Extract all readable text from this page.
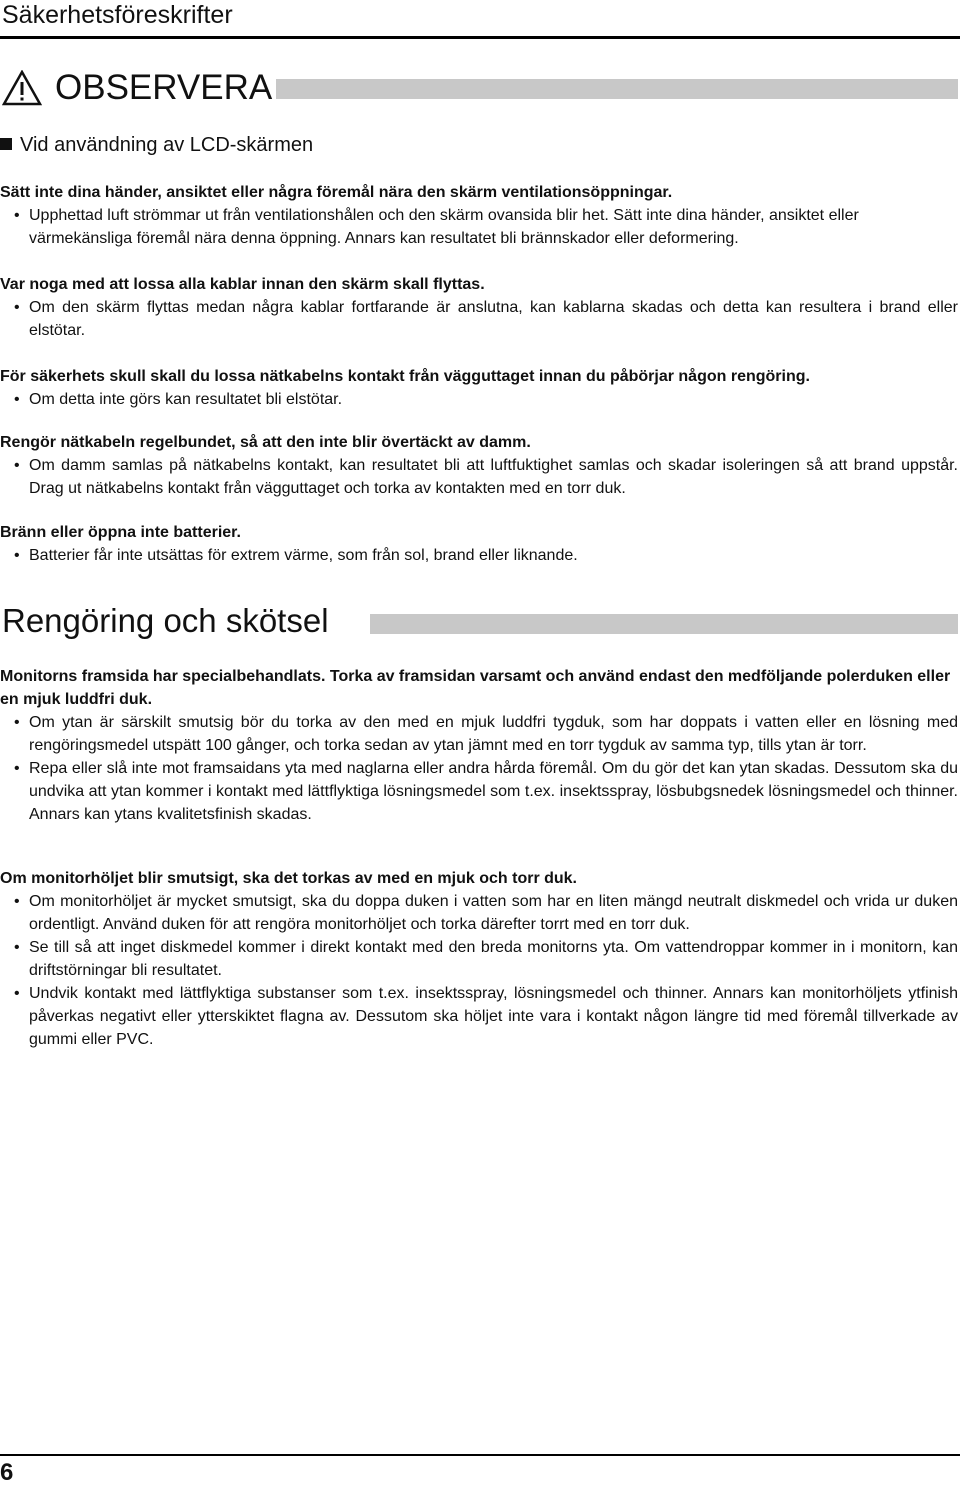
Säkerhetsföreskrifter
OBSERVERA
Vid användning av LCD-skärmen
Sätt inte dina händer, ansiktet eller några föremål nära den skärm ventilationsöppningar.
• Upphettad luft strömmar ut från ventilationshålen och den skärm ovansida blir het. Sätt inte dina händer, ansiktet eller värmekänsliga föremål nära denna öppning. Annars kan resultatet bli brännskador eller deformering.
Var noga med att lossa alla kablar innan den skärm skall flyttas.
• Om den skärm flyttas medan några kablar fortfarande är anslutna, kan kablarna skadas och detta kan resultera i brand eller elstötar.
För säkerhets skull skall du lossa nätkabelns kontakt från vägguttaget innan du påbörjar någon rengöring.
• Om detta inte görs kan resultatet bli elstötar.
Rengör nätkabeln regelbundet, så att den inte blir övertäckt av damm.
• Om damm samlas på nätkabelns kontakt, kan resultatet bli att luftfuktighet samlas och skadar isoleringen så att brand uppstår. Drag ut nätkabelns kontakt från vägguttaget och torka av kontakten med en torr duk.
Bränn eller öppna inte batterier.
• Batterier får inte utsättas för extrem värme, som från sol, brand eller liknande.
Rengöring och skötsel
Monitorns framsida har specialbehandlats. Torka av framsidan varsamt och använd endast den medföljande polerduken eller en mjuk luddfri duk.
• Om ytan är särskilt smutsig bör du torka av den med en mjuk luddfri tygduk, som har doppats i vatten eller en lösning med rengöringsmedel utspätt 100 gånger, och torka sedan av ytan jämnt med en torr tygduk av samma typ, tills ytan är torr.
• Repa eller slå inte mot framsaidans yta med naglarna eller andra hårda föremål. Om du gör det kan ytan skadas. Dessutom ska du undvika att ytan kommer i kontakt med lättflyktiga lösningsmedel som t.ex. insektsspray, lösbubgsnedek lösningsmedel och thinner. Annars kan ytans kvalitetsfinish skadas.
Om monitorhöljet blir smutsigt, ska det torkas av med en mjuk och torr duk.
• Om monitorhöljet är mycket smutsigt, ska du doppa duken i vatten som har en liten mängd neutralt diskmedel och vrida ur duken ordentligt. Använd duken för att rengöra monitorhöljet och torka därefter torrt med en torr duk.
• Se till så att inget diskmedel kommer i direkt kontakt med den breda monitorns yta. Om vattendroppar kommer in i monitorn, kan driftstörningar bli resultatet.
• Undvik kontakt med lättflyktiga substanser som t.ex. insektsspray, lösningsmedel och thinner. Annars kan monitorhöljets ytfinish påverkas negativt eller ytterskiktet flagna av. Dessutom ska höljet inte vara i kontakt någon längre tid med föremål tillverkade av gummi eller PVC.
6
